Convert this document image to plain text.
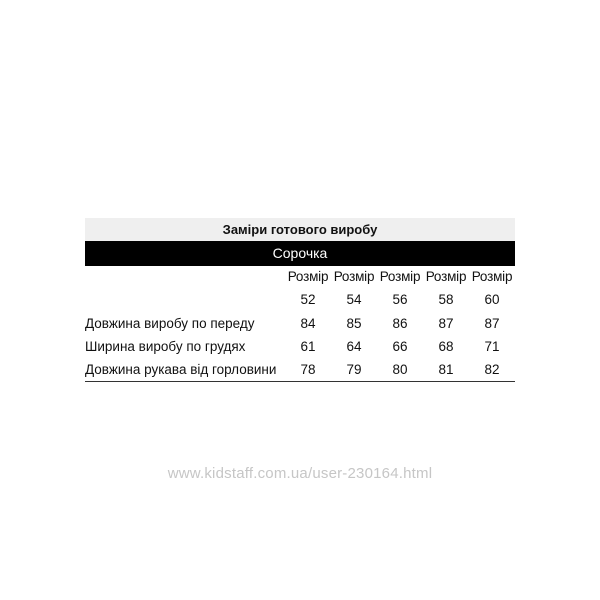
Заміри готового виробу
Сорочка
	Розмір	Розмір	Розмір	Розмір	Розмір
	52	54	56	58	60
Довжина виробу по переду	84	85	86	87	87
Ширина виробу по грудях	61	64	66	68	71
Довжина рукава від горловини	78	79	80	81	82
www.kidstaff.com.ua/user-230164.html
